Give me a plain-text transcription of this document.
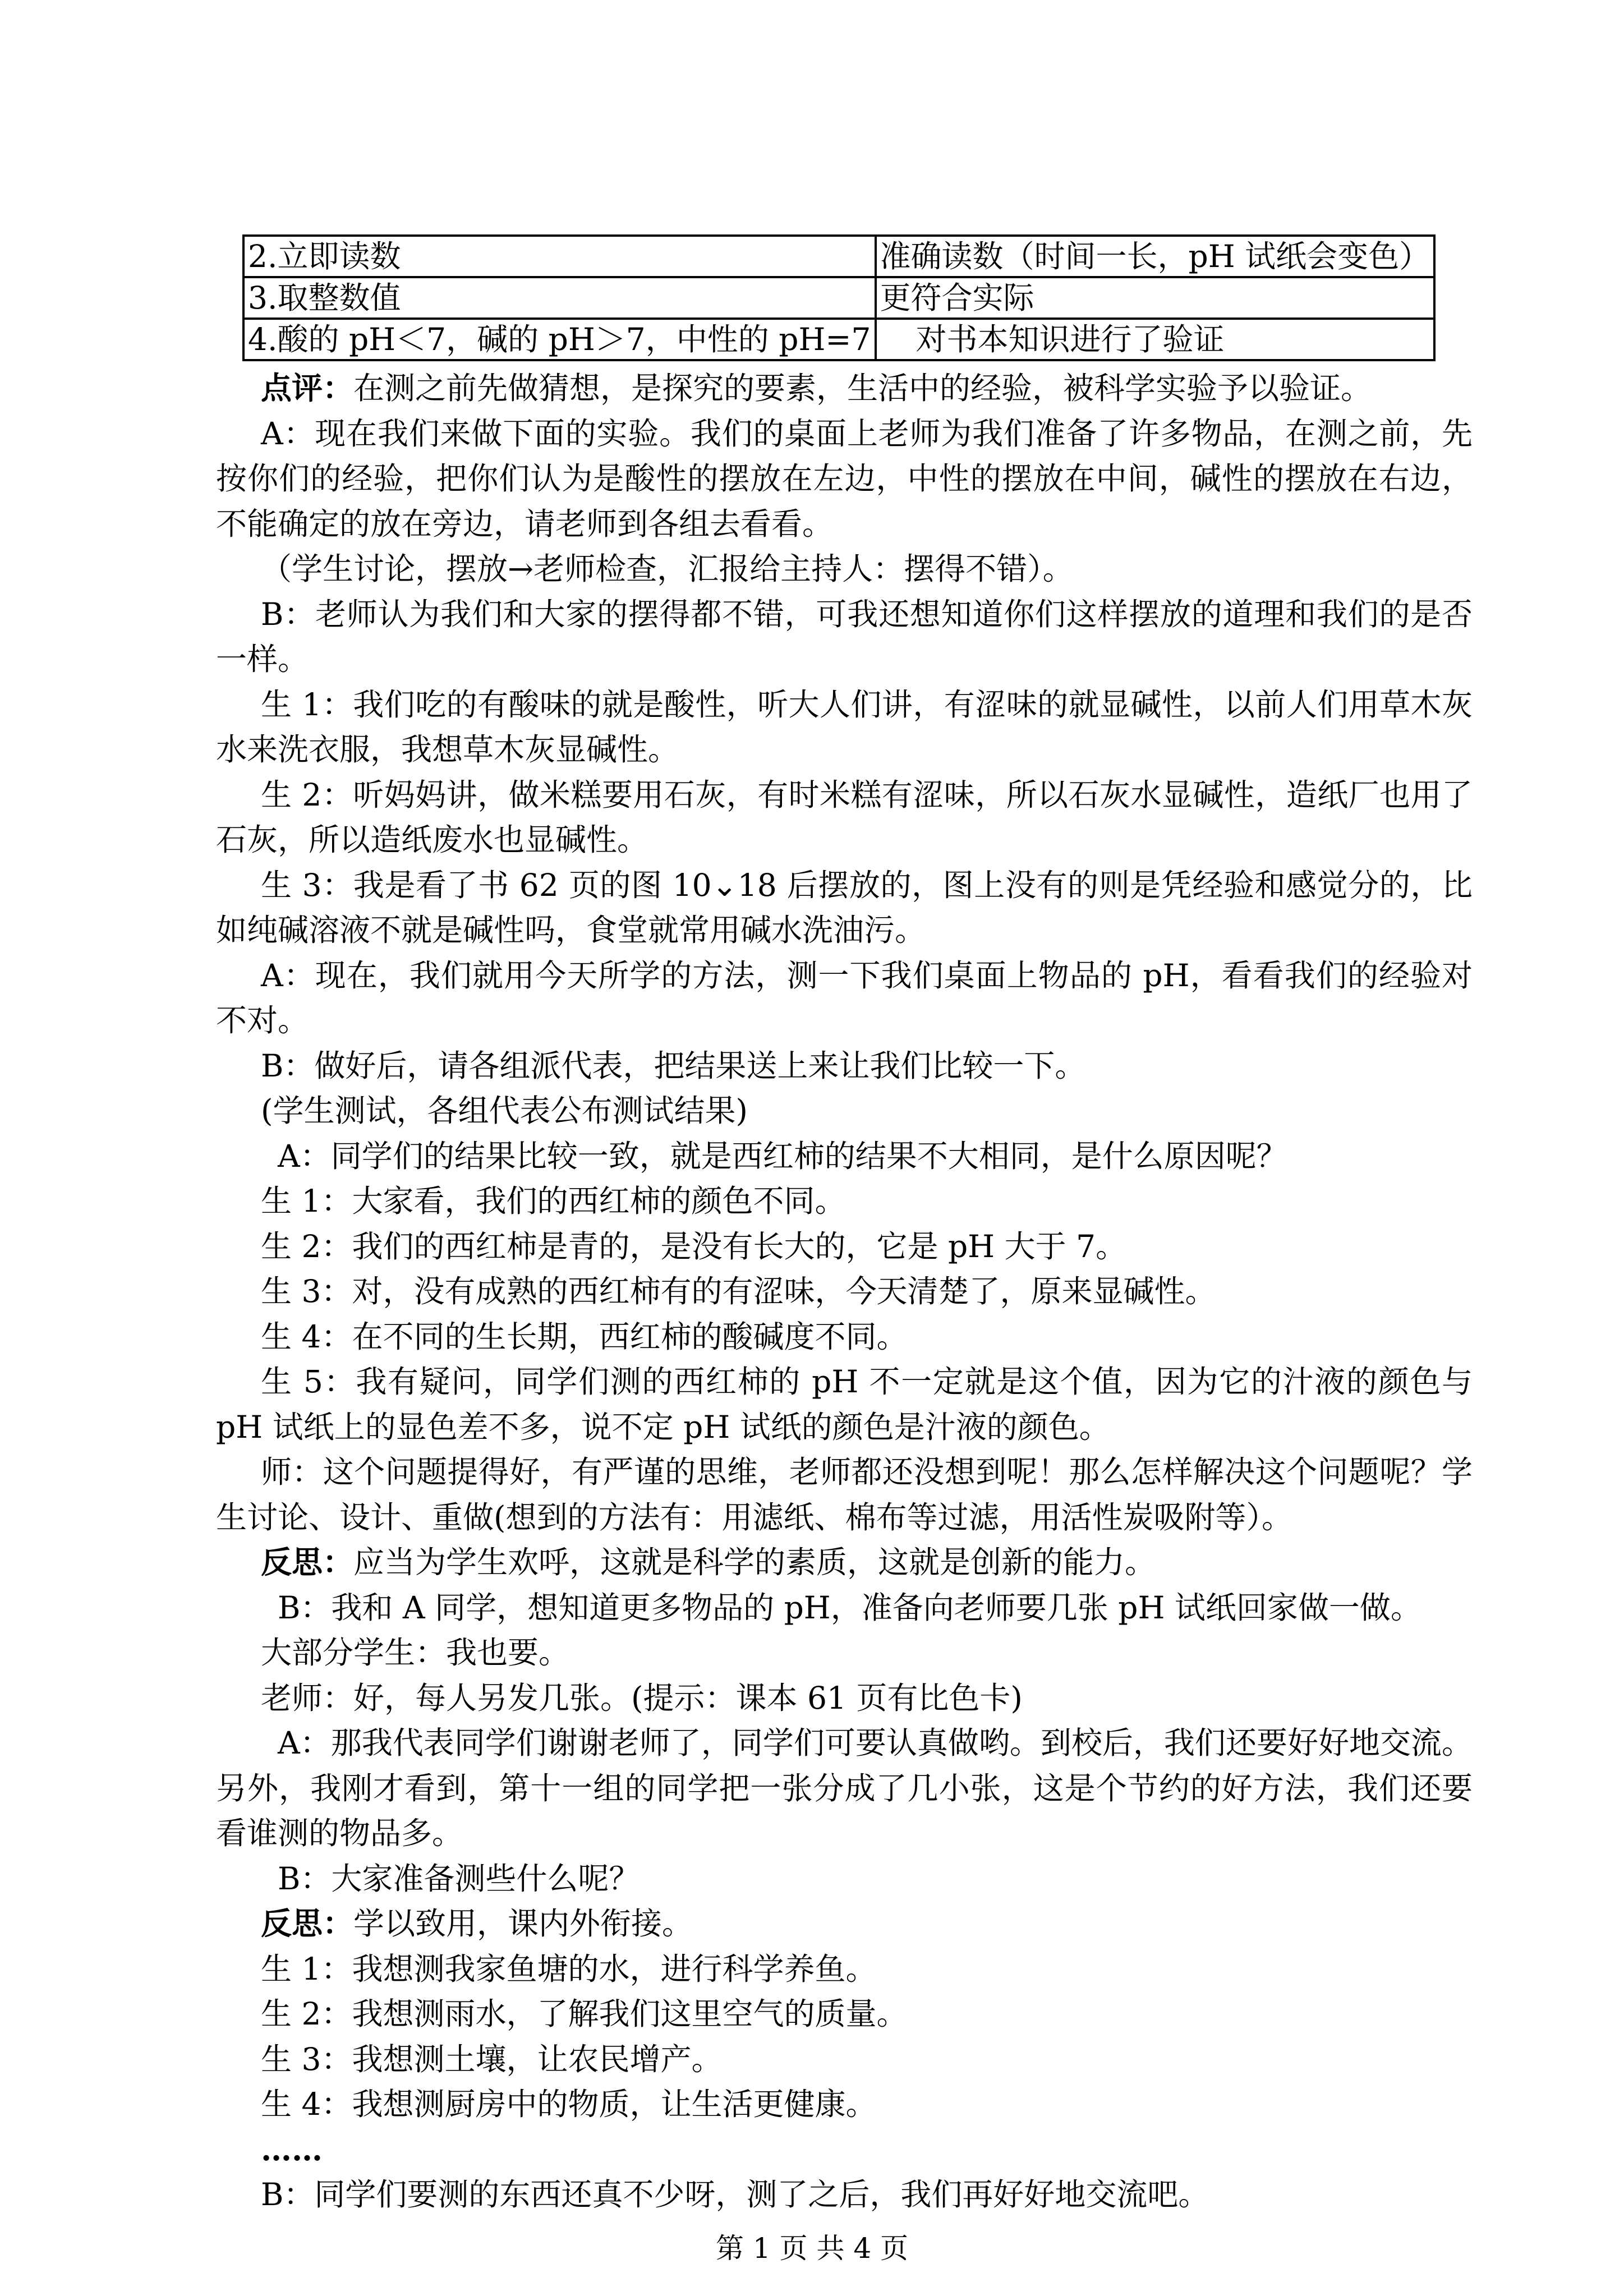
2.立即读数	准确读数（时间一长，pH 试纸会变色）
3.取整数值	更符合实际
4.酸的 pH＜7，碱的 pH＞7，中性的 pH=7	对书本知识进行了验证

点评：在测之前先做猜想，是探究的要素，生活中的经验，被科学实验予以验证。

A：现在我们来做下面的实验。我们的桌面上老师为我们准备了许多物品，在测之前，先按你们的经验，把你们认为是酸性的摆放在左边，中性的摆放在中间，碱性的摆放在右边，不能确定的放在旁边，请老师到各组去看看。

（学生讨论，摆放→老师检查，汇报给主持人：摆得不错）。

B：老师认为我们和大家的摆得都不错，可我还想知道你们这样摆放的道理和我们的是否一样。

生 1：我们吃的有酸味的就是酸性，听大人们讲，有涩味的就显碱性，以前人们用草木灰水来洗衣服，我想草木灰显碱性。

生 2：听妈妈讲，做米糕要用石灰，有时米糕有涩味，所以石灰水显碱性，造纸厂也用了石灰，所以造纸废水也显碱性。

生 3：我是看了书 62 页的图 10⌄18 后摆放的，图上没有的则是凭经验和感觉分的，比如纯碱溶液不就是碱性吗，食堂就常用碱水洗油污。

A：现在，我们就用今天所学的方法，测一下我们桌面上物品的 pH，看看我们的经验对不对。

B：做好后，请各组派代表，把结果送上来让我们比较一下。

(学生测试，各组代表公布测试结果)

A：同学们的结果比较一致，就是西红柿的结果不大相同，是什么原因呢？

生 1：大家看，我们的西红柿的颜色不同。

生 2：我们的西红柿是青的，是没有长大的，它是 pH 大于 7。

生 3：对，没有成熟的西红柿有的有涩味，今天清楚了，原来显碱性。

生 4：在不同的生长期，西红柿的酸碱度不同。

生 5：我有疑问，同学们测的西红柿的 pH 不一定就是这个值，因为它的汁液的颜色与 pH 试纸上的显色差不多，说不定 pH 试纸的颜色是汁液的颜色。

师：这个问题提得好，有严谨的思维，老师都还没想到呢！那么怎样解决这个问题呢？学生讨论、设计、重做(想到的方法有：用滤纸、棉布等过滤，用活性炭吸附等）。

反思：应当为学生欢呼，这就是科学的素质，这就是创新的能力。

B：我和 A 同学，想知道更多物品的 pH，准备向老师要几张 pH 试纸回家做一做。

大部分学生：我也要。

老师：好，每人另发几张。(提示：课本 61 页有比色卡)

A：那我代表同学们谢谢老师了，同学们可要认真做哟。到校后，我们还要好好地交流。另外，我刚才看到，第十一组的同学把一张分成了几小张，这是个节约的好方法，我们还要看谁测的物品多。

B：大家准备测些什么呢？

反思：学以致用，课内外衔接。

生 1：我想测我家鱼塘的水，进行科学养鱼。

生 2：我想测雨水，了解我们这里空气的质量。

生 3：我想测土壤，让农民增产。

生 4：我想测厨房中的物质，让生活更健康。

……

B：同学们要测的东西还真不少呀，测了之后，我们再好好地交流吧。

第 1 页 共 4 页
